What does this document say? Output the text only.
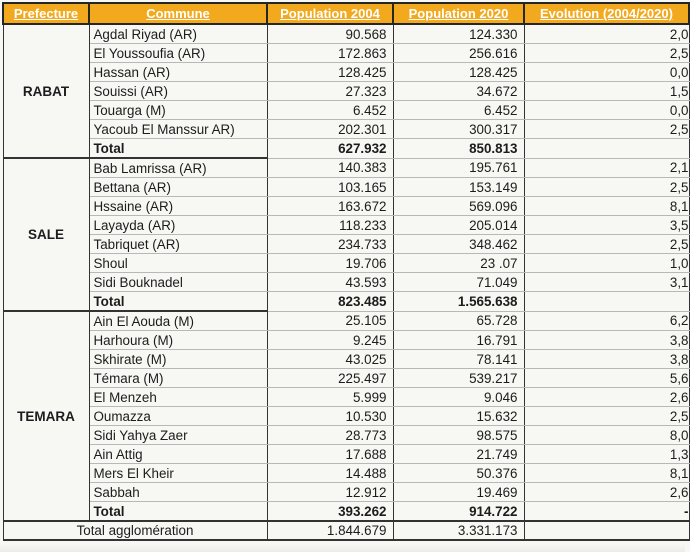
Prefecture	Commune	Population 2004	Population 2020	Evolution (2004/2020)
RABAT	Agdal Riyad (AR)	90.568	124.330	2,0
	El Youssoufia (AR)	172.863	256.616	2,5
	Hassan (AR)	128.425	128.425	0,0
	Souissi (AR)	27.323	34.672	1,5
	Touarga (M)	6.452	6.452	0,0
	Yacoub El Manssur AR)	202.301	300.317	2,5
	Total	627.932	850.813	
SALE	Bab Lamrissa (AR)	140.383	195.761	2,1
	Bettana (AR)	103.165	153.149	2,5
	Hssaine (AR)	163.672	569.096	8,1
	Layayda (AR)	118.233	205.014	3,5
	Tabriquet (AR)	234.733	348.462	2,5
	Shoul	19.706	23 .07	1,0
	Sidi Bouknadel	43.593	71.049	3,1
	Total	823.485	1.565.638	
TEMARA	Ain El Aouda (M)	25.105	65.728	6,2
	Harhoura (M)	9.245	16.791	3,8
	Skhirate (M)	43.025	78.141	3,8
	Témara (M)	225.497	539.217	5,6
	El Menzeh	5.999	9.046	2,6
	Oumazza	10.530	15.632	2,5
	Sidi Yahya Zaer	28.773	98.575	8,0
	Ain Attig	17.688	21.749	1,3
	Mers El Kheir	14.488	50.376	8,1
	Sabbah	12.912	19.469	2,6
	Total	393.262	914.722	-
Total agglomération		1.844.679	3.331.173	
